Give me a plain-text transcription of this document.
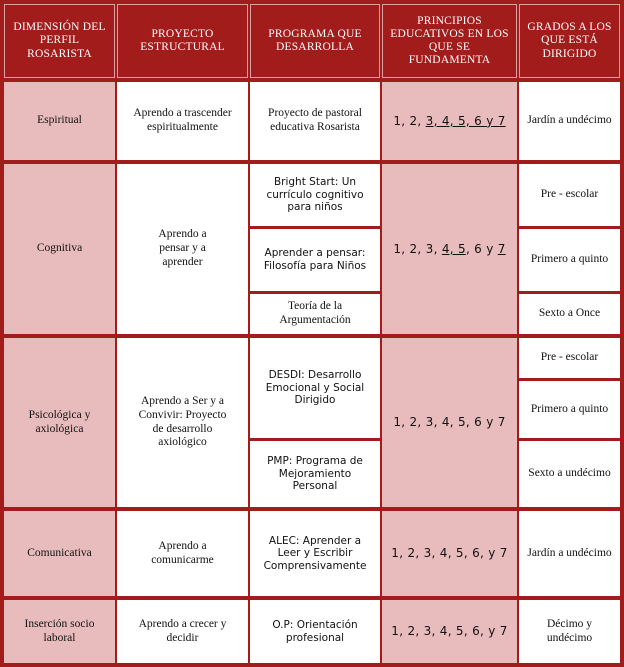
DIMENSIÓN DEL PERFIL ROSARISTA
PROYECTO ESTRUCTURAL
PROGRAMA QUE DESARROLLA
PRINCIPIOS EDUCATIVOS EN LOS QUE SE FUNDAMENTA
GRADOS A LOS QUE ESTÁ DIRIGIDO
Espiritual
Aprendo a trascender espiritualmente
Proyecto de pastoral educativa Rosarista	1, 2, 3, 4, 5, 6 y 7 Jardín a undécimo
Cognitiva
Aprendo a pensar y a aprender
Bright Start: Un currículo cognitivo para niños
Aprender a pensar: Filosofía para Niños
Teoría de la Argumentación
1, 2, 3, 4, 5 , 6 y 7
Pre - escolar
Primero a quinto
Sexto a Once
Psicológica y axiológica
Aprendo a Ser y a Convivir: Proyecto de desarrollo axiológico
DESDI: Desarrollo Emocional y Social Dirigido
PMP: Programa de Mejoramiento Personal
1, 2, 3, 4, 5, 6 y 7
Pre - escolar
Primero a quinto
Sexto a undécimo
Comunicativa
Aprendo a comunicarme
ALEC: Aprender a Leer y Escribir Comprensivamente
1, 2, 3, 4, 5, 6, y 7 Jardín a undécimo
Inserción socio laboral
Aprendo a crecer y decidir
O.P: Orientación profesional	1, 2, 3, 4, 5, 6, y 7
Décimo y undécimo
